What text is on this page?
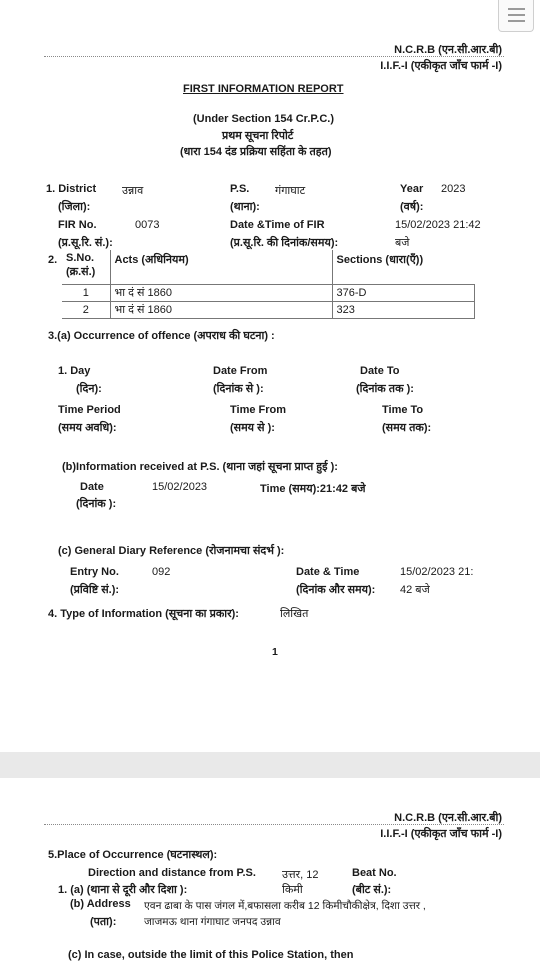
N.C.R.B (एन.सी.आर.बी)
I.I.F.-I (एकीकृत जाँच फार्म -I)
FIRST INFORMATION REPORT
(Under Section 154 Cr.P.C.)
प्रथम सूचना रिपोर्ट
(धारा 154 दंड प्रक्रिया सहिंता के तहत)
1. District उन्नाव
(जिला):
P.S. गंगाघाट
(थाना):
Year 2023
(वर्ष):
FIR No.	0073
(प्र.सू.रि. सं.):
Date &Time of FIR
(प्र.सू.रि. की दिनांक/समय):
15/02/2023 21:42
बजे
2. S.No.
(क्र.सं.)	Acts (अधिनियम)	Sections (धारा(एँ))
1	भा दं सं 1860	376-D
2	भा दं सं 1860	323
3.(a) Occurrence of offence (अपराध की घटना) :
1. Day
(दिन):
Date From
(दिनांक से ):
Date To
(दिनांक तक ):
Time Period
(समय अवधि):
Time From
(समय से ):
Time To
(समय तक):
(b)Information received at P.S. (थाना जहां सूचना प्राप्त हुई ):
Date	15/02/2023
(दिनांक ):
Time (समय):21:42 बजे
(c) General Diary Reference (रोजनामचा संदर्भ ):
Entry No.	092
(प्रविष्टि सं.):
Date & Time
(दिनांक और समय):
15/02/2023 21:
42 बजे
4. Type of Information (सूचना का प्रकार):	लिखित
1
N.C.R.B (एन.सी.आर.बी)
I.I.F.-I (एकीकृत जाँच फार्म -I)
5.Place of Occurrence (घटनास्थल):
Direction and distance from P.S. उत्तर, 12
किमी
Beat No.
(बीट सं.):
1. (a) (थाना से दूरी और दिशा ):
(b) Address एवन ढाबा के पास जंगल में,बफासला करीब 12 किमीचौकीक्षेत्र, दिशा उत्तर ,
(पता):	जाजमऊ थाना गंगाघाट जनपद उन्नाव
(c) In case, outside the limit of this Police Station, then
